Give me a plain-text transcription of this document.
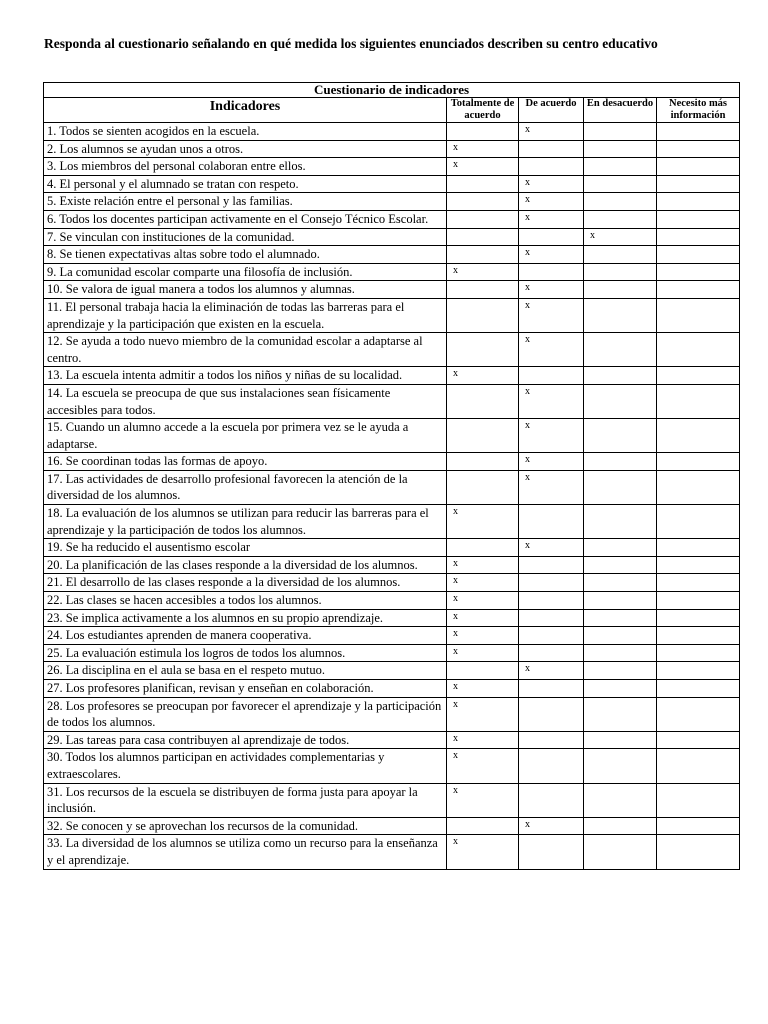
Responda al cuestionario señalando en qué medida los siguientes enunciados describen su centro educativo
Cuestionario de indicadores				
Indicadores	Totalmente de acuerdo	De acuerdo	En desacuerdo	Necesito más información
1. Todos se sienten acogidos en la escuela.		x		
2. Los alumnos se ayudan unos a otros.	x			
3. Los miembros del personal colaboran entre ellos.	x			
4. El personal y el alumnado se tratan con respeto.		x		
5. Existe relación entre el personal y las familias.		x		
6. Todos los docentes participan activamente en el Consejo Técnico Escolar.		x		
7. Se vinculan con instituciones de la comunidad.			x	
8. Se tienen expectativas altas sobre todo el alumnado.		x		
9. La comunidad escolar comparte una filosofía de inclusión.	x			
10. Se valora de igual manera a todos los alumnos y alumnas.		x		
11. El personal trabaja hacia la eliminación de todas las barreras para el aprendizaje y la participación que existen en la escuela.		x		
12. Se ayuda a todo nuevo miembro de la comunidad escolar a adaptarse al centro.		x		
13. La escuela intenta admitir a todos los niños y niñas de su localidad.	x			
14. La escuela se preocupa de que sus instalaciones sean físicamente accesibles para todos.		x		
15. Cuando un alumno accede a la escuela por primera vez se le ayuda a adaptarse.		x		
16. Se coordinan todas las formas de apoyo.		x		
17. Las actividades de desarrollo profesional favorecen la atención de la diversidad de los alumnos.		x		
18. La evaluación de los alumnos se utilizan para reducir las barreras para el aprendizaje y la participación de todos los alumnos.	x			
19. Se ha reducido el ausentismo escolar		x		
20. La planificación de las clases responde a la diversidad de los alumnos.	x			
21. El desarrollo de las clases responde a la diversidad de los alumnos.	x			
22. Las clases se hacen accesibles a todos los alumnos.	x			
23. Se implica activamente a los alumnos en su propio aprendizaje.	x			
24. Los estudiantes aprenden de manera cooperativa.	x			
25. La evaluación estimula los logros de todos los alumnos.	x			
26. La disciplina en el aula se basa en el respeto mutuo.		x		
27. Los profesores planifican, revisan y enseñan en colaboración.	x			
28. Los profesores se preocupan por favorecer el aprendizaje y la participación de todos los alumnos.	x			
29. Las tareas para casa contribuyen al aprendizaje de todos.	x			
30. Todos los alumnos participan en actividades complementarias y extraescolares.	x			
31. Los recursos de la escuela se distribuyen de forma justa para apoyar la inclusión.	x			
32. Se conocen y se aprovechan los recursos de la comunidad.		x		
33. La diversidad de los alumnos se utiliza como un recurso para la enseñanza y el aprendizaje.	x			
